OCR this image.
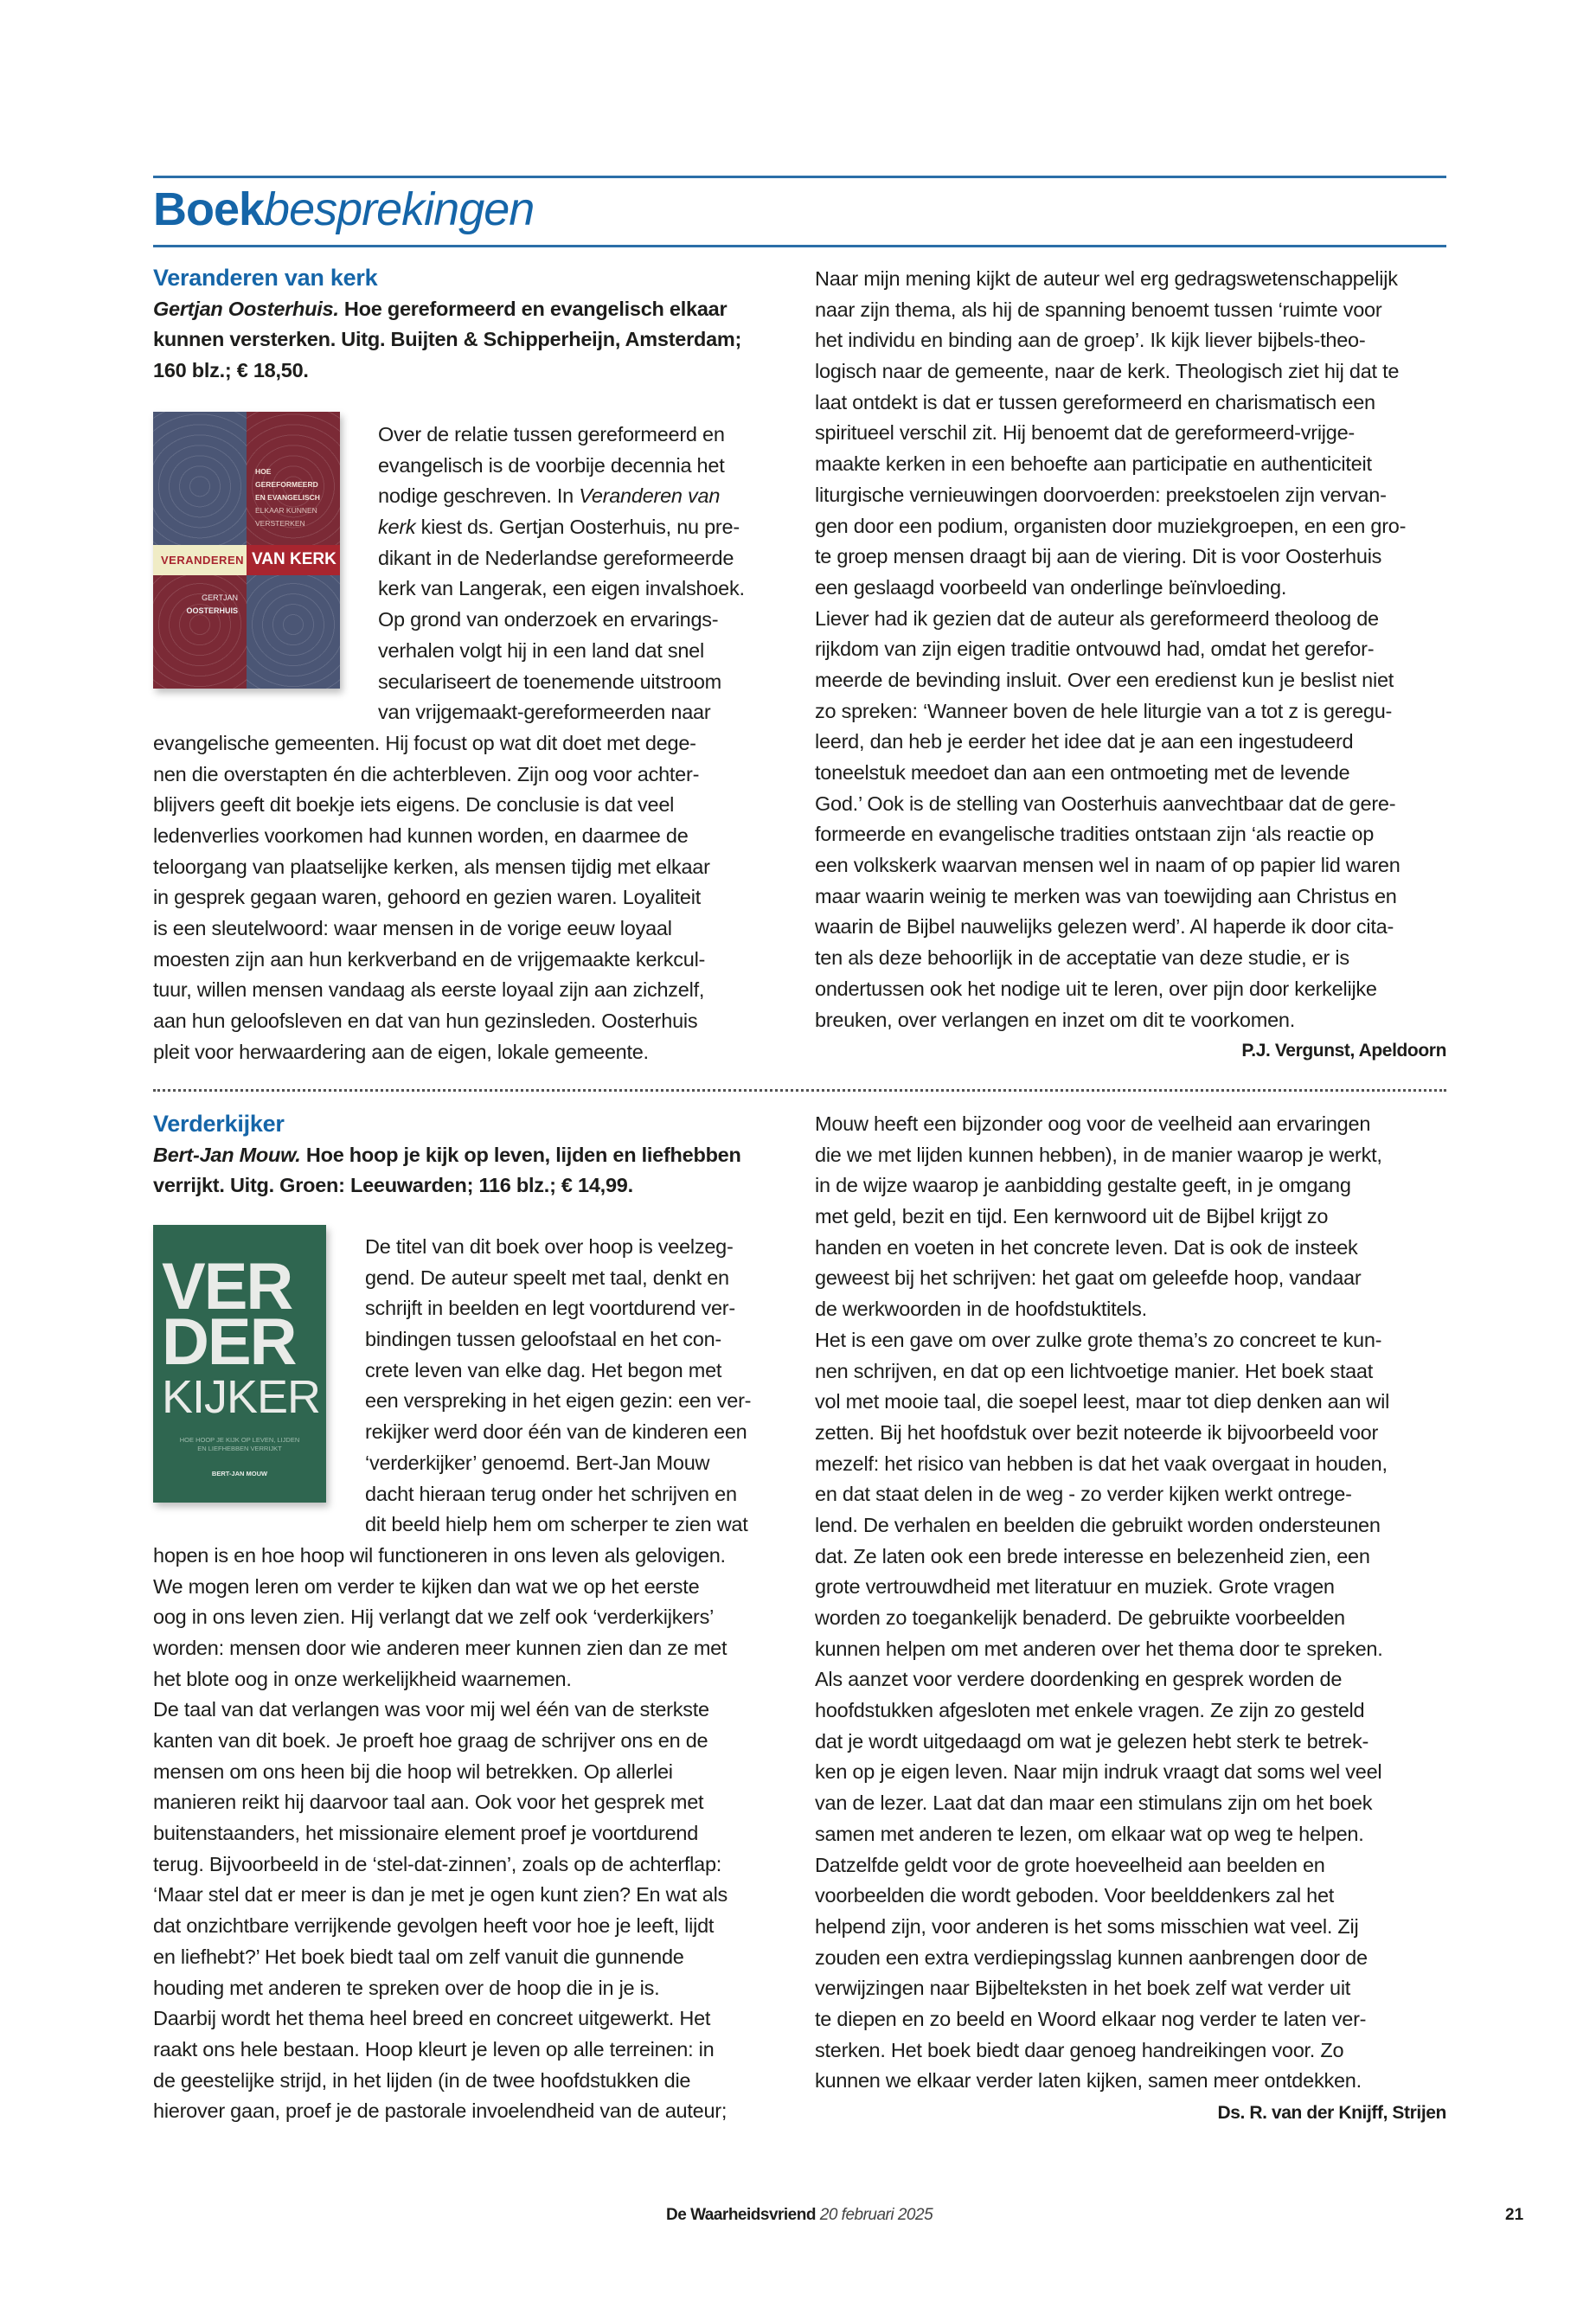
Boekbesprekingen
Veranderen van kerk
Gertjan Oosterhuis. Hoe gereformeerd en evangelisch elkaar
kunnen versterken. Uitg. Buijten & Schipperheijn, Amsterdam;
160 blz.; € 18,50.
HOE
GEREFORMEERD
EN EVANGELISCH
ELKAAR KUNNEN
VERSTERKEN
VERANDEREN VAN KERK
GERTJAN
OOSTERHUIS
Over de relatie tussen gereformeerd en
evangelisch is de voorbije decennia het
nodige geschreven. In Veranderen van
kerk kiest ds. Gertjan Oosterhuis, nu pre-
dikant in de Nederlandse gereformeerde
kerk van Langerak, een eigen invalshoek.
Op grond van onderzoek en ervarings-
verhalen volgt hij in een land dat snel
seculariseert de toenemende uitstroom
van vrijgemaakt-gereformeerden naar
evangelische gemeenten. Hij focust op wat dit doet met dege-
nen die overstapten én die achterbleven. Zijn oog voor achter-
blijvers geeft dit boekje iets eigens. De conclusie is dat veel
ledenverlies voorkomen had kunnen worden, en daarmee de
teloorgang van plaatselijke kerken, als mensen tijdig met elkaar
in gesprek gegaan waren, gehoord en gezien waren. Loyaliteit
is een sleutelwoord: waar mensen in de vorige eeuw loyaal
moesten zijn aan hun kerkverband en de vrijgemaakte kerkcul-
tuur, willen mensen vandaag als eerste loyaal zijn aan zichzelf,
aan hun geloofsleven en dat van hun gezinsleden. Oosterhuis
pleit voor herwaardering aan de eigen, lokale gemeente.
Naar mijn mening kijkt de auteur wel erg gedragswetenschappelijk
naar zijn thema, als hij de spanning benoemt tussen ‘ruimte voor
het individu en binding aan de groep’. Ik kijk liever bijbels-theo-
logisch naar de gemeente, naar de kerk. Theologisch ziet hij dat te
laat ontdekt is dat er tussen gereformeerd en charismatisch een
spiritueel verschil zit. Hij benoemt dat de gereformeerd-vrijge-
maakte kerken in een behoefte aan participatie en authenticiteit
liturgische vernieuwingen doorvoerden: preekstoelen zijn vervan-
gen door een podium, organisten door muziekgroepen, en een gro-
te groep mensen draagt bij aan de viering. Dit is voor Oosterhuis
een geslaagd voorbeeld van onderlinge beïnvloeding.
Liever had ik gezien dat de auteur als gereformeerd theoloog de
rijkdom van zijn eigen traditie ontvouwd had, omdat het gerefor-
meerde de bevinding insluit. Over een eredienst kun je beslist niet
zo spreken: ‘Wanneer boven de hele liturgie van a tot z is geregu-
leerd, dan heb je eerder het idee dat je aan een ingestudeerd
toneelstuk meedoet dan aan een ontmoeting met de levende
God.’ Ook is de stelling van Oosterhuis aanvechtbaar dat de gere-
formeerde en evangelische tradities ontstaan zijn ‘als reactie op
een volkskerk waarvan mensen wel in naam of op papier lid waren
maar waarin weinig te merken was van toewijding aan Christus en
waarin de Bijbel nauwelijks gelezen werd’. Al haperde ik door cita-
ten als deze behoorlijk in de acceptatie van deze studie, er is
ondertussen ook het nodige uit te leren, over pijn door kerkelijke
breuken, over verlangen en inzet om dit te voorkomen.
P.J. Vergunst, Apeldoorn
Verderkijker
Bert-Jan Mouw. Hoe hoop je kijk op leven, lijden en liefhebben
verrijkt. Uitg. Groen: Leeuwarden; 116 blz.; € 14,99.
VER
DER
KIJKER
HOE HOOP JE KIJK OP LEVEN, LIJDEN
EN LIEFHEBBEN VERRIJKT
BERT-JAN MOUW
De titel van dit boek over hoop is veelzeg-
gend. De auteur speelt met taal, denkt en
schrijft in beelden en legt voortdurend ver-
bindingen tussen geloofstaal en het con-
crete leven van elke dag. Het begon met
een verspreking in het eigen gezin: een ver-
rekijker werd door één van de kinderen een
‘verderkijker’ genoemd. Bert-Jan Mouw
dacht hieraan terug onder het schrijven en
dit beeld hielp hem om scherper te zien wat
hopen is en hoe hoop wil functioneren in ons leven als gelovigen.
We mogen leren om verder te kijken dan wat we op het eerste
oog in ons leven zien. Hij verlangt dat we zelf ook ‘verderkijkers’
worden: mensen door wie anderen meer kunnen zien dan ze met
het blote oog in onze werkelijkheid waarnemen.
De taal van dat verlangen was voor mij wel één van de sterkste
kanten van dit boek. Je proeft hoe graag de schrijver ons en de
mensen om ons heen bij die hoop wil betrekken. Op allerlei
manieren reikt hij daarvoor taal aan. Ook voor het gesprek met
buitenstaanders, het missionaire element proef je voortdurend
terug. Bijvoorbeeld in de ‘stel-dat-zinnen’, zoals op de achterflap:
‘Maar stel dat er meer is dan je met je ogen kunt zien? En wat als
dat onzichtbare verrijkende gevolgen heeft voor hoe je leeft, lijdt
en liefhebt?’ Het boek biedt taal om zelf vanuit die gunnende
houding met anderen te spreken over de hoop die in je is.
Daarbij wordt het thema heel breed en concreet uitgewerkt. Het
raakt ons hele bestaan. Hoop kleurt je leven op alle terreinen: in
de geestelijke strijd, in het lijden (in de twee hoofdstukken die
hierover gaan, proef je de pastorale invoelendheid van de auteur;
Mouw heeft een bijzonder oog voor de veelheid aan ervaringen
die we met lijden kunnen hebben), in de manier waarop je werkt,
in de wijze waarop je aanbidding gestalte geeft, in je omgang
met geld, bezit en tijd. Een kernwoord uit de Bijbel krijgt zo
handen en voeten in het concrete leven. Dat is ook de insteek
geweest bij het schrijven: het gaat om geleefde hoop, vandaar
de werkwoorden in de hoofdstuktitels.
Het is een gave om over zulke grote thema’s zo concreet te kun-
nen schrijven, en dat op een lichtvoetige manier. Het boek staat
vol met mooie taal, die soepel leest, maar tot diep denken aan wil
zetten. Bij het hoofdstuk over bezit noteerde ik bijvoorbeeld voor
mezelf: het risico van hebben is dat het vaak overgaat in houden,
en dat staat delen in de weg - zo verder kijken werkt ontrege-
lend. De verhalen en beelden die gebruikt worden ondersteunen
dat. Ze laten ook een brede interesse en belezenheid zien, een
grote vertrouwdheid met literatuur en muziek. Grote vragen
worden zo toegankelijk benaderd. De gebruikte voorbeelden
kunnen helpen om met anderen over het thema door te spreken.
Als aanzet voor verdere doordenking en gesprek worden de
hoofdstukken afgesloten met enkele vragen. Ze zijn zo gesteld
dat je wordt uitgedaagd om wat je gelezen hebt sterk te betrek-
ken op je eigen leven. Naar mijn indruk vraagt dat soms wel veel
van de lezer. Laat dat dan maar een stimulans zijn om het boek
samen met anderen te lezen, om elkaar wat op weg te helpen.
Datzelfde geldt voor de grote hoeveelheid aan beelden en
voorbeelden die wordt geboden. Voor beelddenkers zal het
helpend zijn, voor anderen is het soms misschien wat veel. Zij
zouden een extra verdiepingsslag kunnen aanbrengen door de
verwijzingen naar Bijbelteksten in het boek zelf wat verder uit
te diepen en zo beeld en Woord elkaar nog verder te laten ver-
sterken. Het boek biedt daar genoeg handreikingen voor. Zo
kunnen we elkaar verder laten kijken, samen meer ontdekken.
Ds. R. van der Knijff, Strijen
De Waarheidsvriend 20 februari 2025	21
